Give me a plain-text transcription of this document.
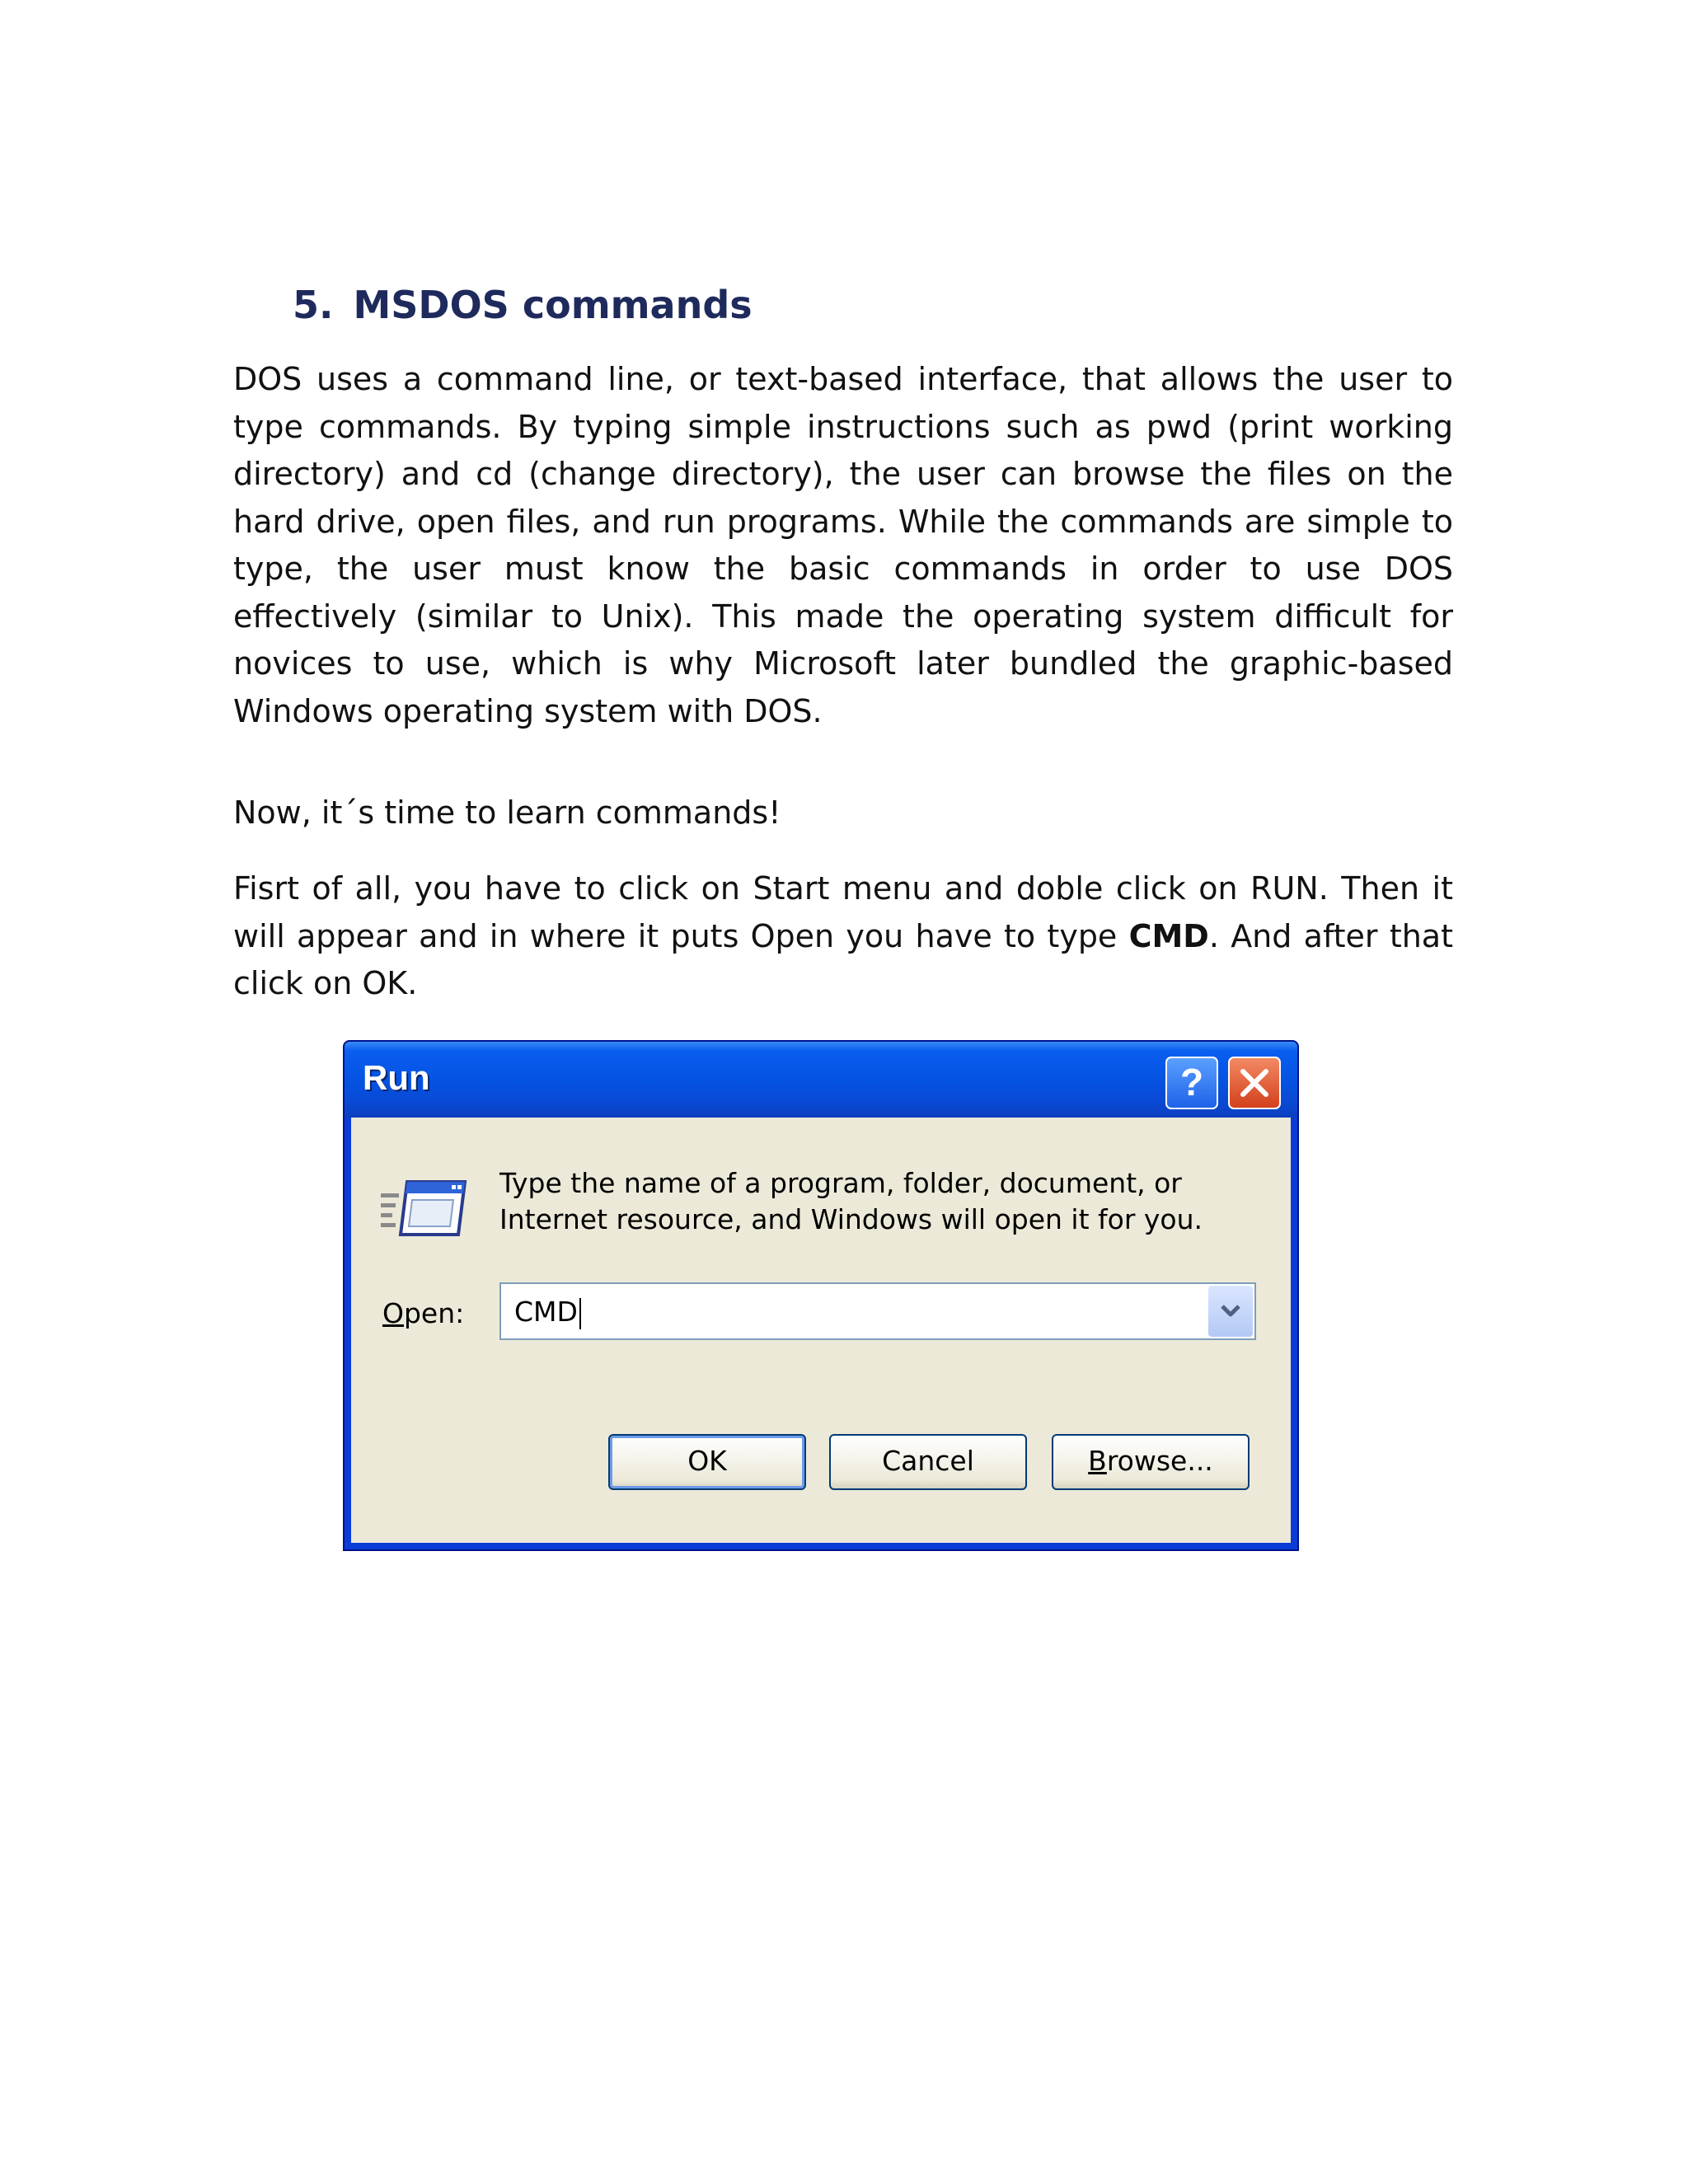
5. MSDOS commands

DOS uses a command line, or text-based interface, that allows the user to type commands. By typing simple instructions such as pwd (print working directory) and cd (change directory), the user can browse the files on the hard drive, open files, and run programs. While the commands are simple to type, the user must know the basic commands in order to use DOS effectively (similar to Unix). This made the operating system difficult for novices to use, which is why Microsoft later bundled the graphic-based Windows operating system with DOS.

Now, it´s time to learn commands!

Fisrt of all, you have to click on Start menu and doble click on RUN. Then it will appear and in where it puts Open you have to type CMD. And after that click on OK.

Run	?

Type the name of a program, folder, document, or
Internet resource, and Windows will open it for you.

Open: CMD
OK	Cancel	Browse...
